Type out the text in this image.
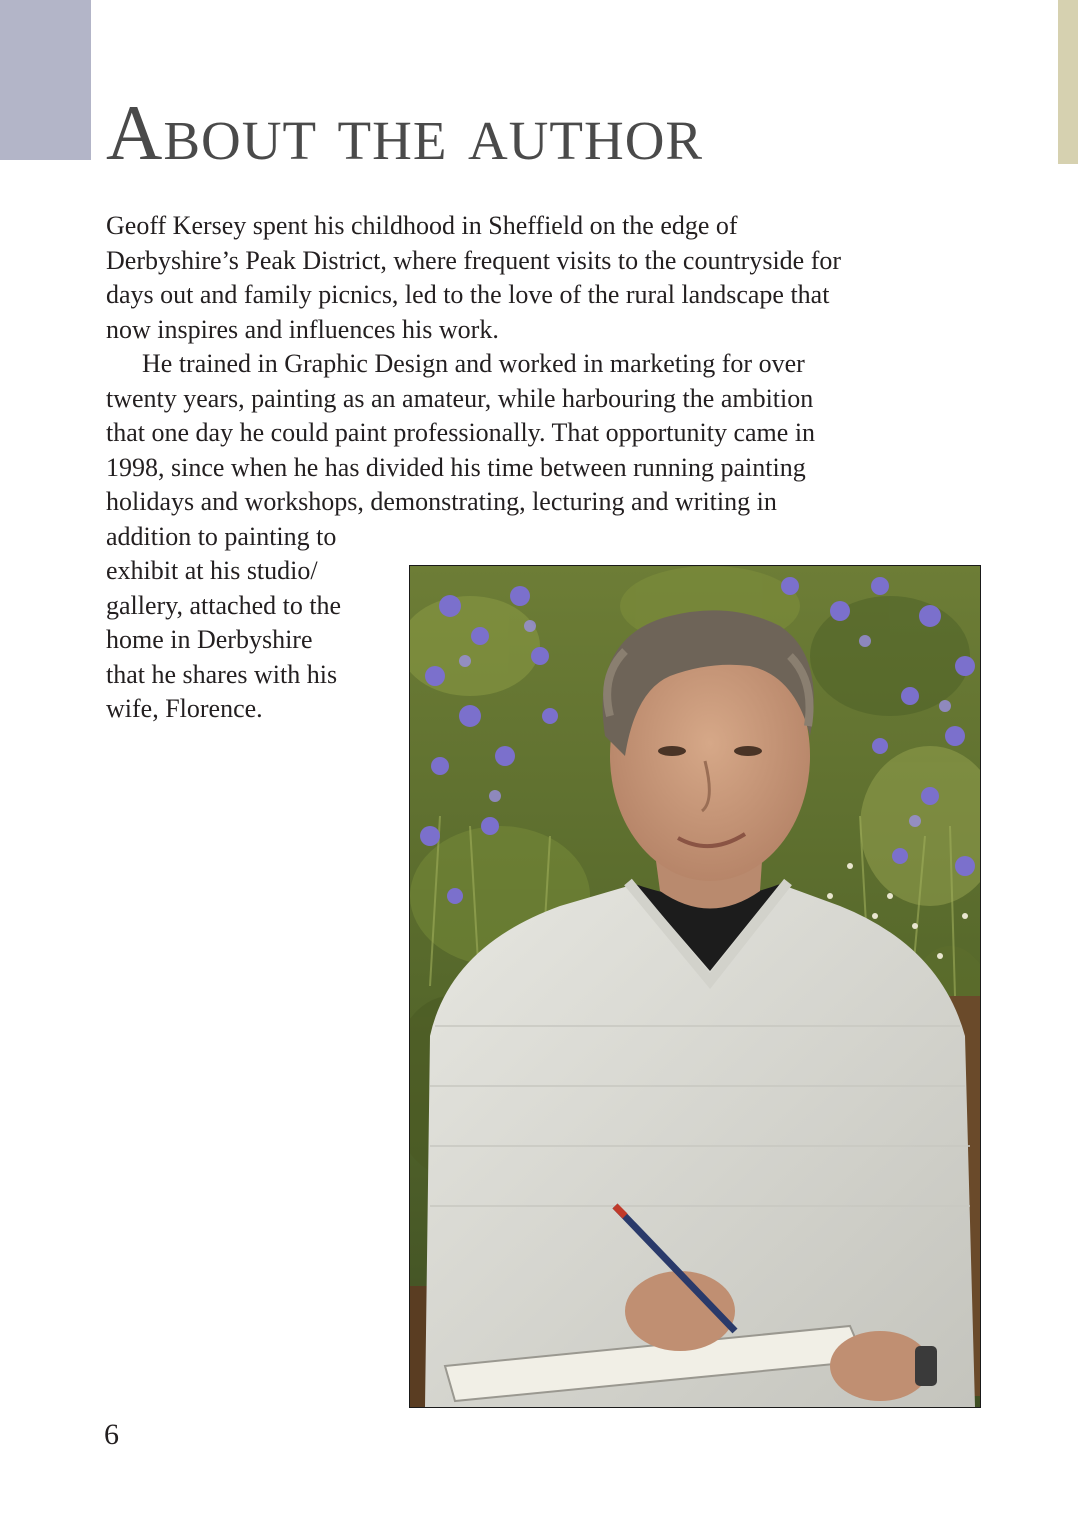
About the author

Geoff Kersey spent his childhood in Sheffield on the edge of
Derbyshire’s Peak District, where frequent visits to the countryside for
days out and family picnics, led to the love of the rural landscape that
now inspires and influences his work.

He trained in Graphic Design and worked in marketing for over
twenty years, painting as an amateur, while harbouring the ambition
that one day he could paint professionally. That opportunity came in
1998, since when he has divided his time between running painting
holidays and workshops, demonstrating, lecturing and writing in
addition to painting to
exhibit at his studio/
gallery, attached to the
home in Derbyshire
that he shares with his
wife, Florence.

6
